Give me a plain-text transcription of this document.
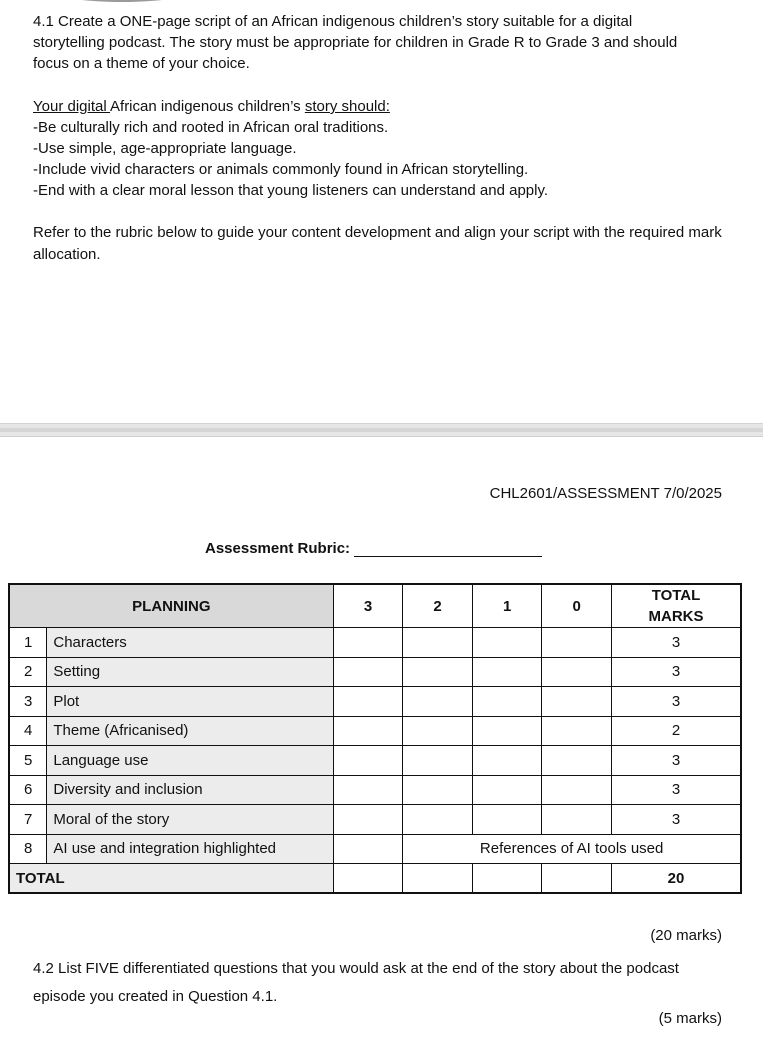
4.1 Create a ONE-page script of an African indigenous children’s story suitable for a digital
storytelling podcast. The story must be appropriate for children in Grade R to Grade 3 and should
focus on a theme of your choice.
Your digital African indigenous children’s story should:
-Be culturally rich and rooted in African oral traditions.
-Use simple, age-appropriate language.
-Include vivid characters or animals commonly found in African storytelling.
-End with a clear moral lesson that young listeners can understand and apply.
Refer to the rubric below to guide your content development and align your script with the required mark allocation.
CHL2601/ASSESSMENT 7/0/2025
Assessment Rubric:
PLANNING		3	2	1	0	TOTAL
MARKS
1	Characters					3
2	Setting					3
3	Plot					3
4	Theme (Africanised)					2
5	Language use					3
6	Diversity and inclusion					3
7	Moral of the story					3
8	AI use and integration highlighted		References of AI tools used			
TOTAL						20
(20 marks)
4.2 List FIVE differentiated questions that you would ask at the end of the story about the podcast episode you created in Question 4.1.
(5 marks)
